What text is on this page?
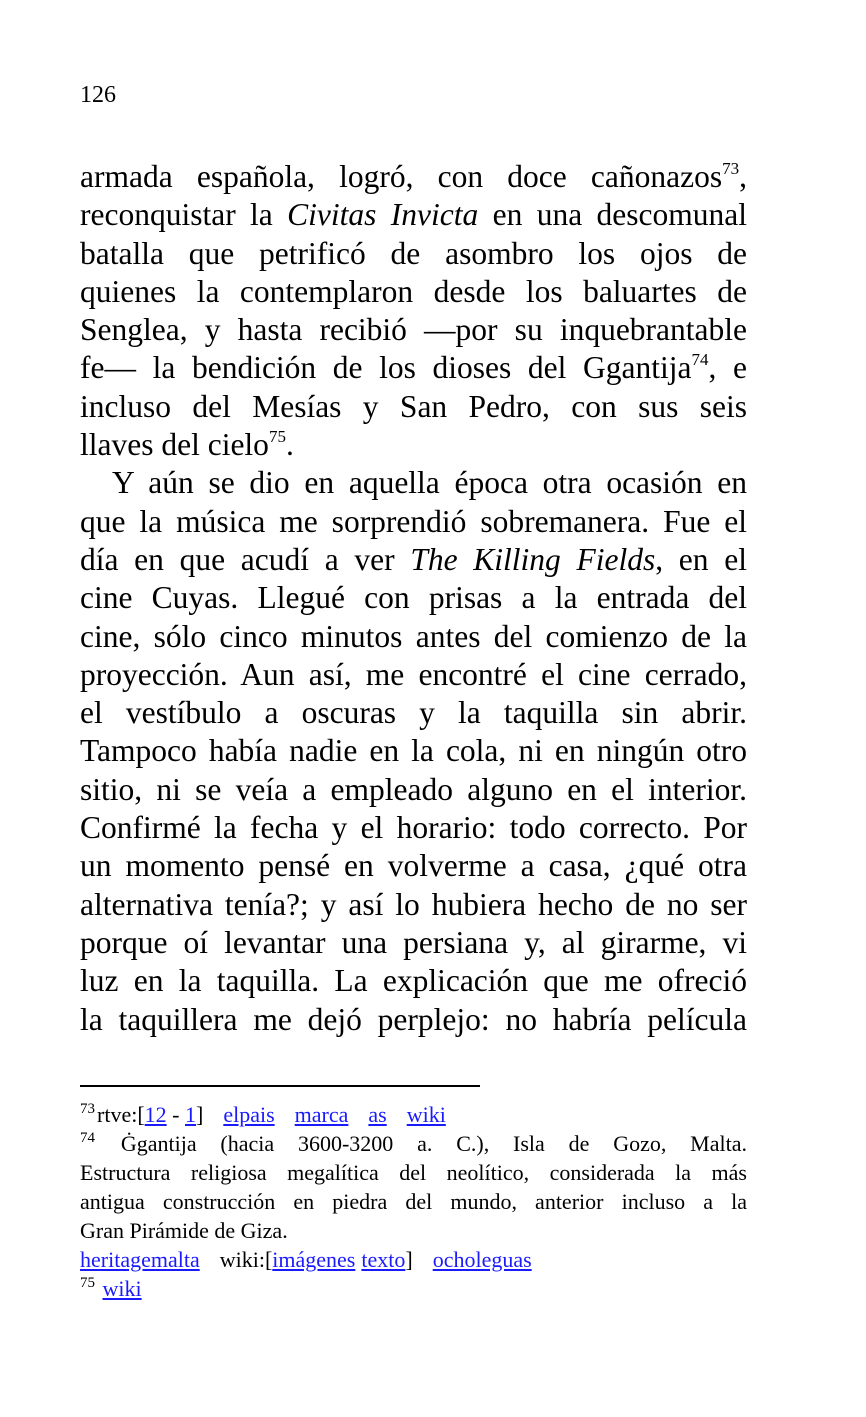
126
armada española, logró, con doce cañonazos$^{73}$,
reconquistar la Civitas Invicta en una descomunal
batalla que petrificó de asombro los ojos de
quienes la contemplaron desde los baluartes de
Senglea, y hasta recibió —por su inquebrantable
fe— la bendición de los dioses del Ggantija$^{74}$, e
incluso del Mesías y San Pedro, con sus seis
llaves del cielo$^{75}$.
Y aún se dio en aquella época otra ocasión en
que la música me sorprendió sobremanera. Fue el
día en que acudí a ver The Killing Fields, en el
cine Cuyas. Llegué con prisas a la entrada del
cine, sólo cinco minutos antes del comienzo de la
proyección. Aun así, me encontré el cine cerrado,
el vestíbulo a oscuras y la taquilla sin abrir.
Tampoco había nadie en la cola, ni en ningún otro
sitio, ni se veía a empleado alguno en el interior.
Confirmé la fecha y el horario: todo correcto. Por
un momento pensé en volverme a casa, ¿qué otra
alternativa tenía?; y así lo hubiera hecho de no ser
porque oí levantar una persiana y, al girarme, vi
luz en la taquilla. La explicación que me ofreció
la taquillera me dejó perplejo: no habría película
$^{73}$rtve:[12 - 1] elpais marca as wiki
$^{74}$ Ġgantija (hacia 3600-3200 a. C.), Isla de Gozo, Malta.
Estructura religiosa megalítica del neolítico, considerada la más
antigua construcción en piedra del mundo, anterior incluso a la
Gran Pirámide de Giza.
heritagemalta wiki:[imágenes texto] ocholeguas
$^{75}$ wiki
